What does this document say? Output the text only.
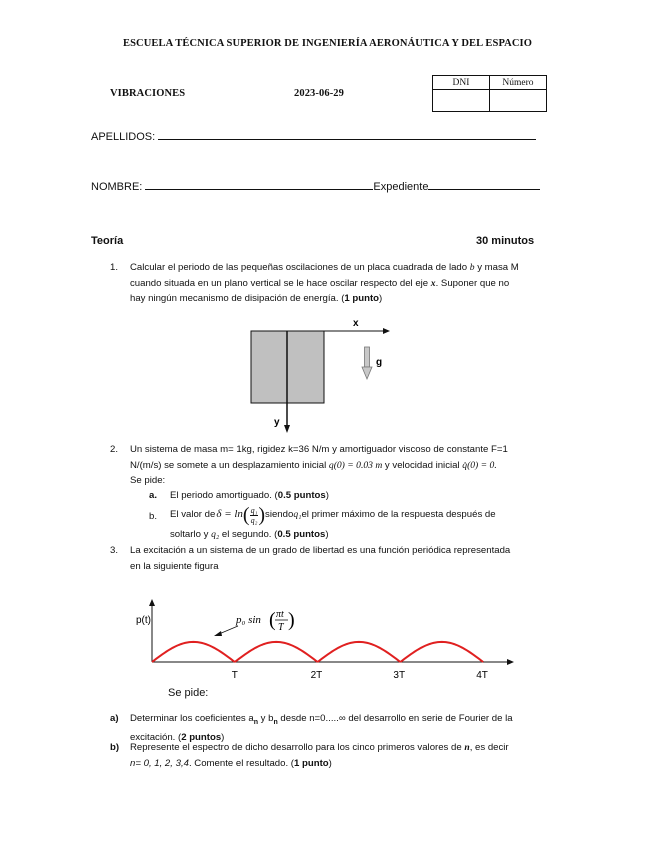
ESCUELA TÉCNICA SUPERIOR DE INGENIERÍA AERONÁUTICA Y DEL ESPACIO
VIBRACIONES	2023-06-29
DNI	Número

APELLIDOS:
NOMBRE:	Expediente
Teoría	30 minutos
1. Calcular el periodo de las pequeñas oscilaciones de un placa cuadrada de lado b y masa M
cuando situada en un plano vertical se le hace oscilar respecto del eje x. Suponer que no
hay ningún mecanismo de disipación de energía. (1 punto)
x
y
g
2. Un sistema de masa m= 1kg, rigidez k=36 N/m y amortiguador viscoso de constante F=1
N/(m/s) se somete a un desplazamiento inicial q(0) = 0.03 m y velocidad inicial q̇(0) = 0.
Se pide:
a. El periodo amortiguado. (0.5 puntos)
b. El valor de δ = ln ( q₁
q₂ ) siendo q₁ el primer máximo de la respuesta después de
soltarlo y q₂ el segundo. (0.5 puntos)
3. La excitación a un sistema de un grado de libertad es una función periódica representada
en la siguiente figura
p(t)
T	2T	3T	4T
p₀ sin ( πt
T )
Se pide:
a) Determinar los coeficientes $a_n$ y $b_n$ desde n=0.....∞ del desarrollo en serie de Fourier de la
excitación. (2 puntos)
b) Represente el espectro de dicho desarrollo para los cinco primeros valores de n, es decir
n= 0, 1, 2, 3,4. Comente el resultado. (1 punto)
